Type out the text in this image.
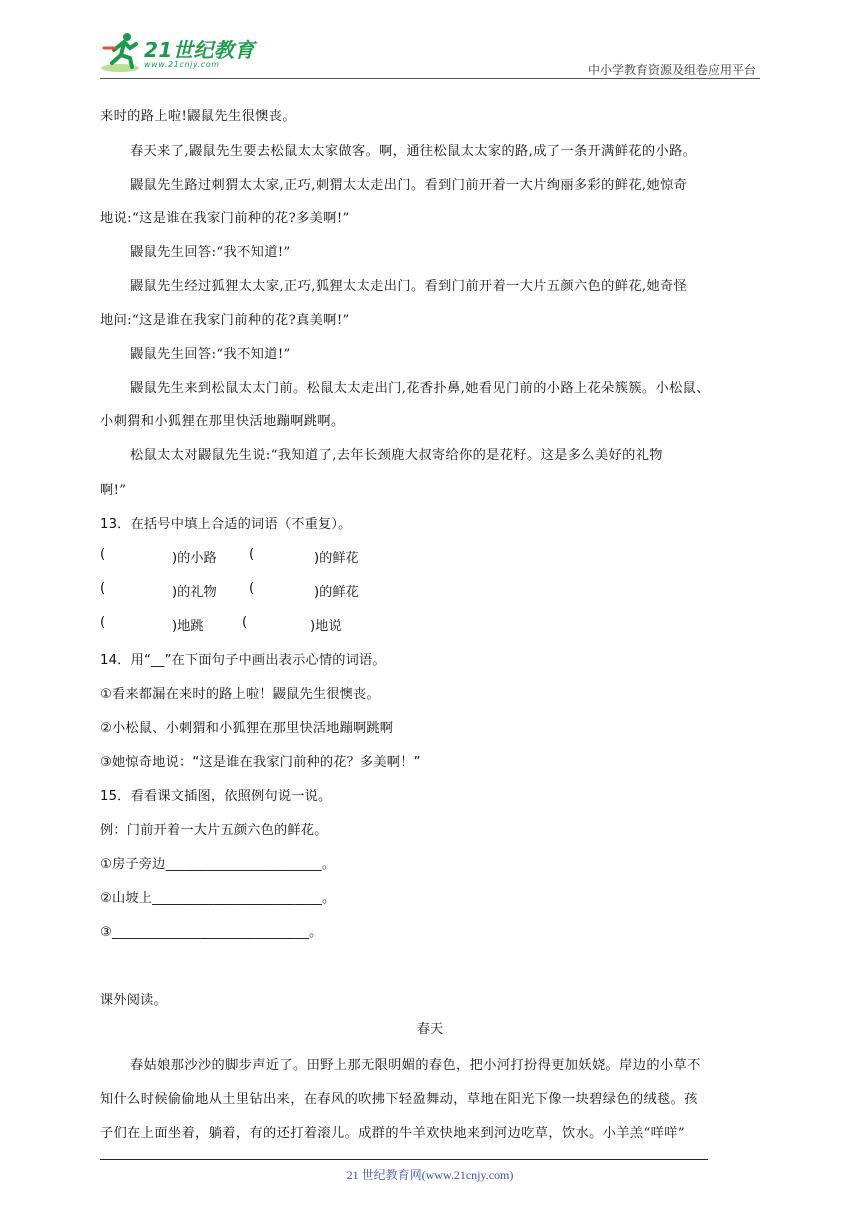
21世纪教育
www.21cnjy.com	中小学教育资源及组卷应用平台
来时的路上啦!鼹鼠先生很懊丧。
春天来了,鼹鼠先生要去松鼠太太家做客。啊，通往松鼠太太家的路,成了一条开满鲜花的小路。
鼹鼠先生路过刺猬太太家,正巧,刺猬太太走出门。看到门前开着一大片绚丽多彩的鲜花,她惊奇
地说:“这是谁在我家门前种的花?多美啊!”
鼹鼠先生回答:“我不知道!”
鼹鼠先生经过狐狸太太家,正巧,狐狸太太走出门。看到门前开着一大片五颜六色的鲜花,她奇怪
地问:“这是谁在我家门前种的花?真美啊!”
鼹鼠先生回答:“我不知道!”
鼹鼠先生来到松鼠太太门前。松鼠太太走出门,花香扑鼻,她看见门前的小路上花朵簇簇。小松鼠、
小刺猬和小狐狸在那里快活地蹦啊跳啊。
松鼠太太对鼹鼠先生说:“我知道了,去年长颈鹿大叔寄给你的是花籽。这是多么美好的礼物
啊!”
13．在括号中填上合适的词语（不重复）。
(	)的小路 (	)的鲜花
(	)的礼物 (	)的鲜花
(	)地跳	(	)地说
14．用“__”在下面句子中画出表示心情的词语。
①看来都漏在来时的路上啦！鼹鼠先生很懊丧。
②小松鼠、小刺猬和小狐狸在那里快活地蹦啊跳啊
③她惊奇地说：“这是谁在我家门前种的花？多美啊！”
15．看看课文插图，依照例句说一说。
例：门前开着一大片五颜六色的鲜花。
①房子旁边_______________________。
②山坡上_________________________。
③_____________________________。
课外阅读。
春天
春姑娘那沙沙的脚步声近了。田野上那无限明媚的春色，把小河打扮得更加妖娆。岸边的小草不
知什么时候偷偷地从土里钻出来，在春风的吹拂下轻盈舞动，草地在阳光下像一块碧绿色的绒毯。孩
子们在上面坐着，躺着，有的还打着滚儿。成群的牛羊欢快地来到河边吃草，饮水。小羊羔“咩咩”
21 世纪教育网(www.21cnjy.com)
